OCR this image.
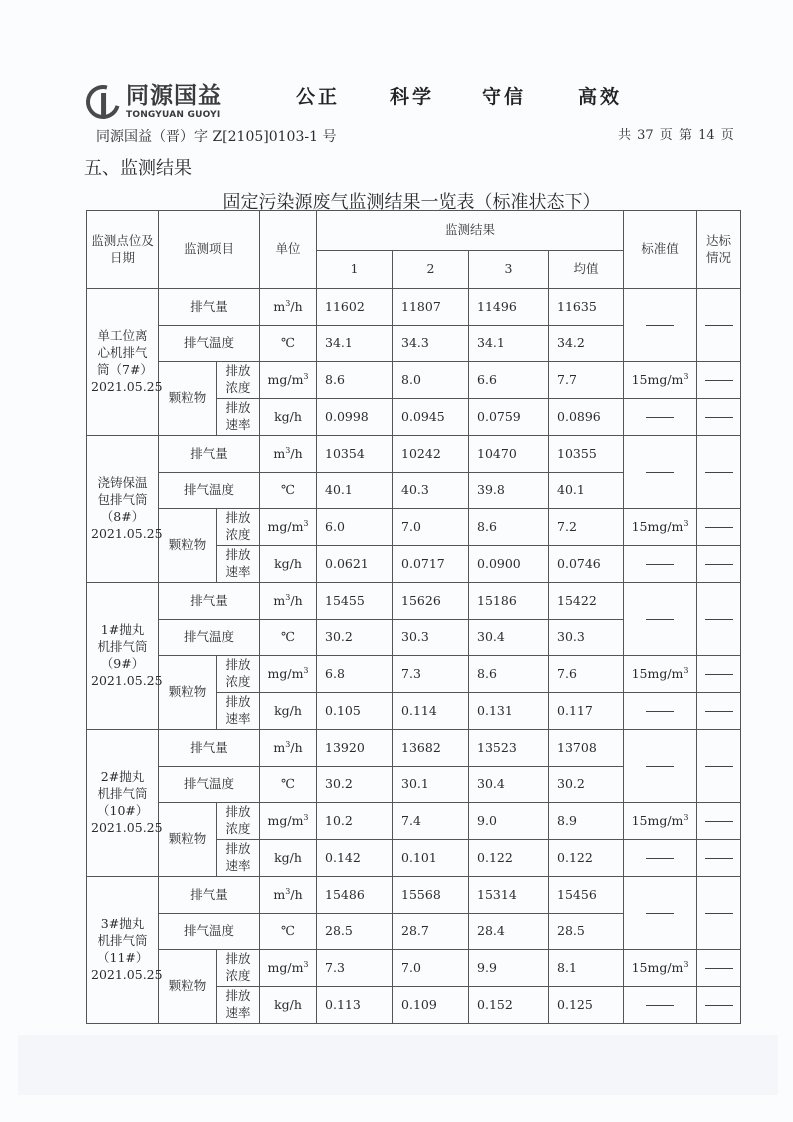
同源国益
TONGYUAN GUOYI
公正	科学	守信	高效
同源国益（晋）字 Z[2105]0103-1 号	共 37 页 第 14 页
五、监测结果
固定污染源废气监测结果一览表（标准状态下）
监测点位及日期	监测项目		单位	监测结果				标准值	达标情况
				1	2	3	均值		

单工位离心机排气筒（7#）
2021.05.25	排气量		$m^3/h$	11602	11807	11496	11635		
	排气温度		℃	34.1	34.3	34.1	34.2		
	颗粒物	排放浓度	$mg/m^3$	8.6	8.0	6.6	7.7	$15mg/m^3$	
		排放速率	kg/h	0.0998	0.0945	0.0759	0.0896		

浇铸保温包排气筒（8#）
2021.05.25	排气量		$m^3/h$	10354	10242	10470	10355		
	排气温度		℃	40.1	40.3	39.8	40.1		
	颗粒物	排放浓度	$mg/m^3$	6.0	7.0	8.6	7.2	$15mg/m^3$	
		排放速率	kg/h	0.0621	0.0717	0.0900	0.0746		

1#抛丸机排气筒（9#）
2021.05.25	排气量		$m^3/h$	15455	15626	15186	15422		
	排气温度		℃	30.2	30.3	30.4	30.3		
	颗粒物	排放浓度	$mg/m^3$	6.8	7.3	8.6	7.6	$15mg/m^3$	
		排放速率	kg/h	0.105	0.114	0.131	0.117		

2#抛丸机排气筒（10#）
2021.05.25	排气量		$m^3/h$	13920	13682	13523	13708		
	排气温度		℃	30.2	30.1	30.4	30.2		
	颗粒物	排放浓度	$mg/m^3$	10.2	7.4	9.0	8.9	$15mg/m^3$	
		排放速率	kg/h	0.142	0.101	0.122	0.122		

3#抛丸机排气筒（11#）
2021.05.25	排气量		$m^3/h$	15486	15568	15314	15456		
	排气温度		℃	28.5	28.7	28.4	28.5		
	颗粒物	排放浓度	$mg/m^3$	7.3	7.0	9.9	8.1	$15mg/m^3$	
		排放速率	kg/h	0.113	0.109	0.152	0.125		
